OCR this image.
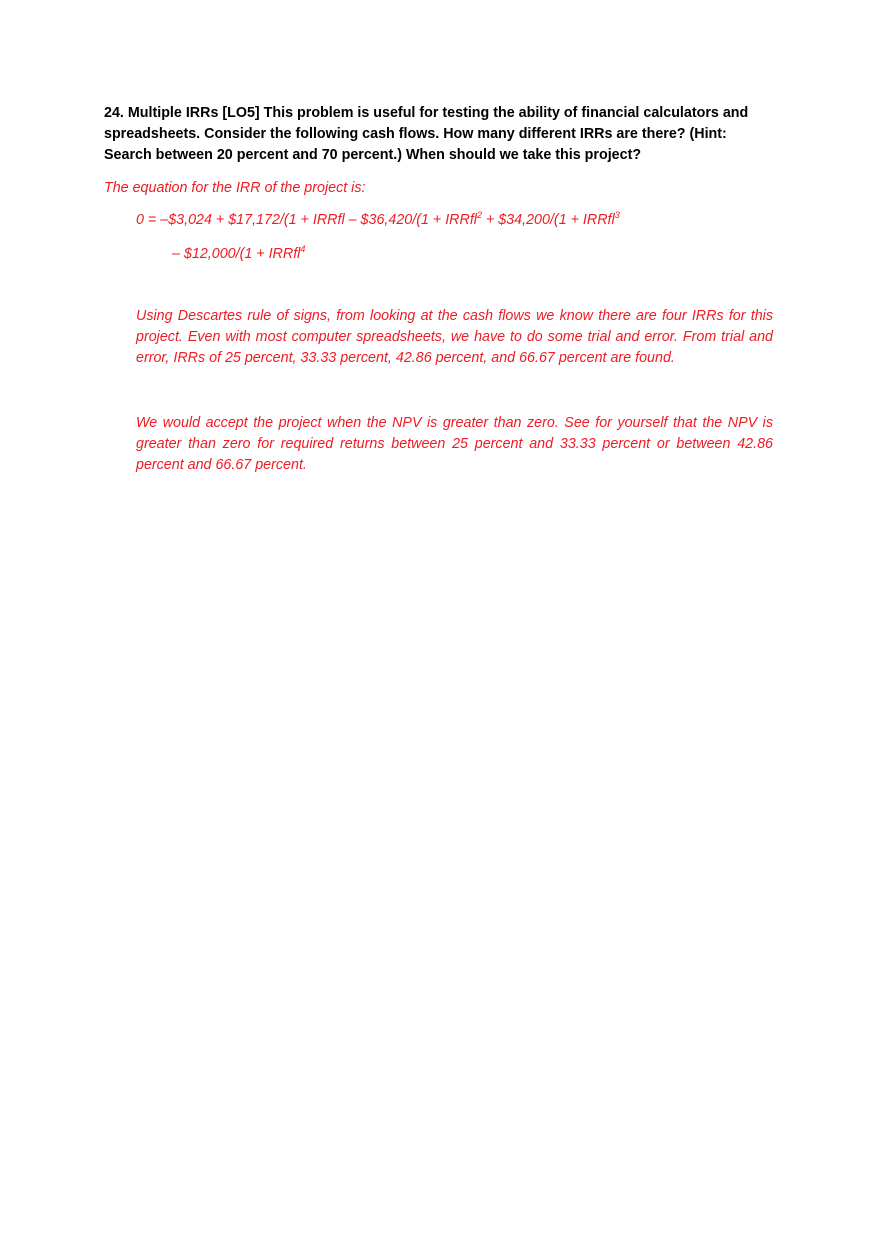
24. Multiple IRRs [LO5] This problem is useful for testing the ability of financial calculators and spreadsheets. Consider the following cash flows. How many different IRRs are there? (Hint: Search between 20 percent and 70 percent.) When should we take this project?
The equation for the IRR of the project is:
0 = –$3,024 + $17,172/(1 + IRRfl – $36,420/(1 + IRRfl$^2$ + $34,200/(1 + IRRfl$^3$
– $12,000/(1 + IRRfl$^4$
Using Descartes rule of signs, from looking at the cash flows we know there are four IRRs for this project. Even with most computer spreadsheets, we have to do some trial and error. From trial and error, IRRs of 25 percent, 33.33 percent, 42.86 percent, and 66.67 percent are found.
We would accept the project when the NPV is greater than zero. See for yourself that the NPV is greater than zero for required returns between 25 percent and 33.33 percent or between 42.86 percent and 66.67 percent.
